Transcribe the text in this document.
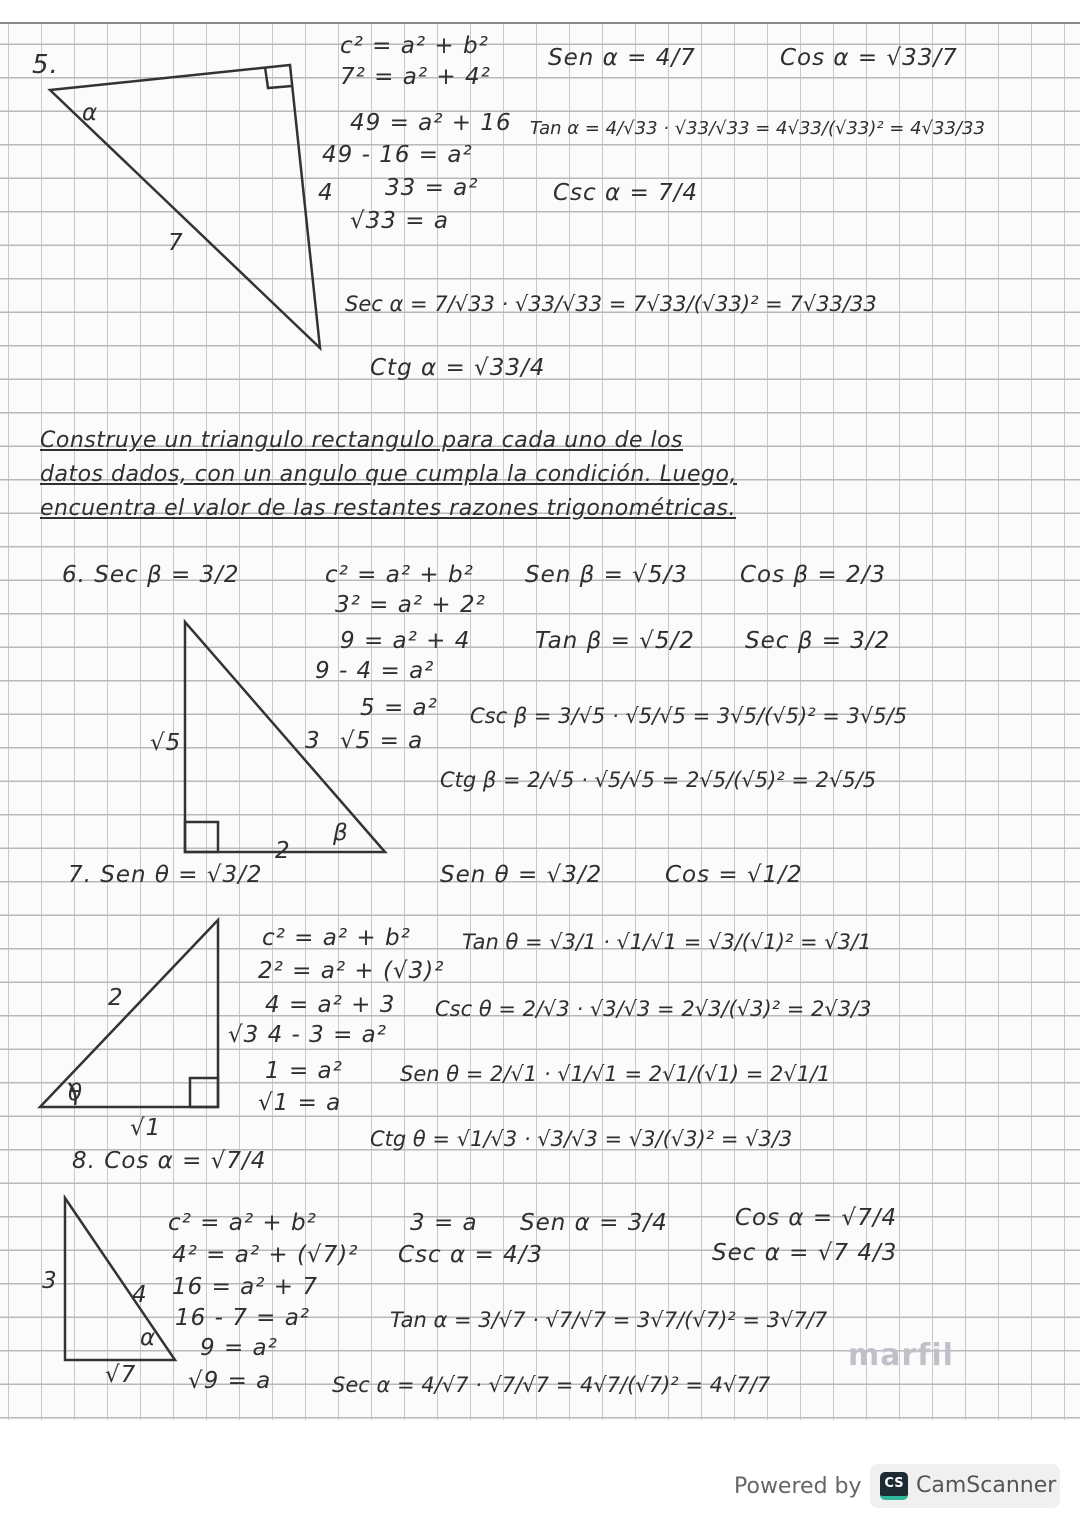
5.
c² = a² + b²
7² = a² + 4²
49 = a² + 16
49 - 16 = a²
4 33 = a²
√33 = a
7
α
Sen α = 4/7	Cos α = √33/7
Tan α = 4/√33 · √33/√33 = 4√33/(√33)² = 4√33/33
Csc α = 7/4
Sec α = 7/√33 · √33/√33 = 7√33/(√33)² = 7√33/33
Ctg α = √33/4
Construye un triangulo rectangulo para cada uno de los
datos dados, con un angulo que cumpla la condición. Luego,
encuentra el valor de las restantes razones trigonométricas.
6. Sec β = 3/2	c² = a² + b²
3² = a² + 2²
9 = a² + 4
9 - 4 = a²
5 = a²
√5 = a
Sen β = √5/3 Cos β = 2/3
Tan β = √5/2 Sec β = 3/2
Csc β = 3/√5 · √5/√5 = 3√5/(√5)² = 3√5/5
Ctg β = 2/√5 · √5/√5 = 2√5/(√5)² = 2√5/5
√5	3
2
β
7. Sen θ = √3/2
c² = a² + b²
2² = a² + (√3)²
4 = a² + 3
√3 4 - 3 = a²
1 = a²
√1 = a
Sen θ = √3/2	Cos = √1/2
Tan θ = √3/1 · √1/√1 = √3/(√1)² = √3/1
Csc θ = 2/√3 · √3/√3 = 2√3/(√3)² = 2√3/3
Sen θ = 2/√1 · √1/√1 = 2√1/(√1) = 2√1/1
Ctg θ = √1/√3 · √3/√3 = √3/(√3)² = √3/3
2
θ
√1
8. Cos α = √7/4
c² = a² + b²
4² = a² + (√7)²
16 = a² + 7
16 - 7 = a²
9 = a²
√9 = a
3 = a
Csc α = 4/3
Sen α = 3/4	Cos α = √7/4
Sec α = √7 4/3
Tan α = 3/√7 · √7/√7 = 3√7/(√7)² = 3√7/7
Sec α = 4/√7 · √7/√7 = 4√7/(√7)² = 4√7/7
3
4
α
√7
marfil
Powered by	CS CamScanner
